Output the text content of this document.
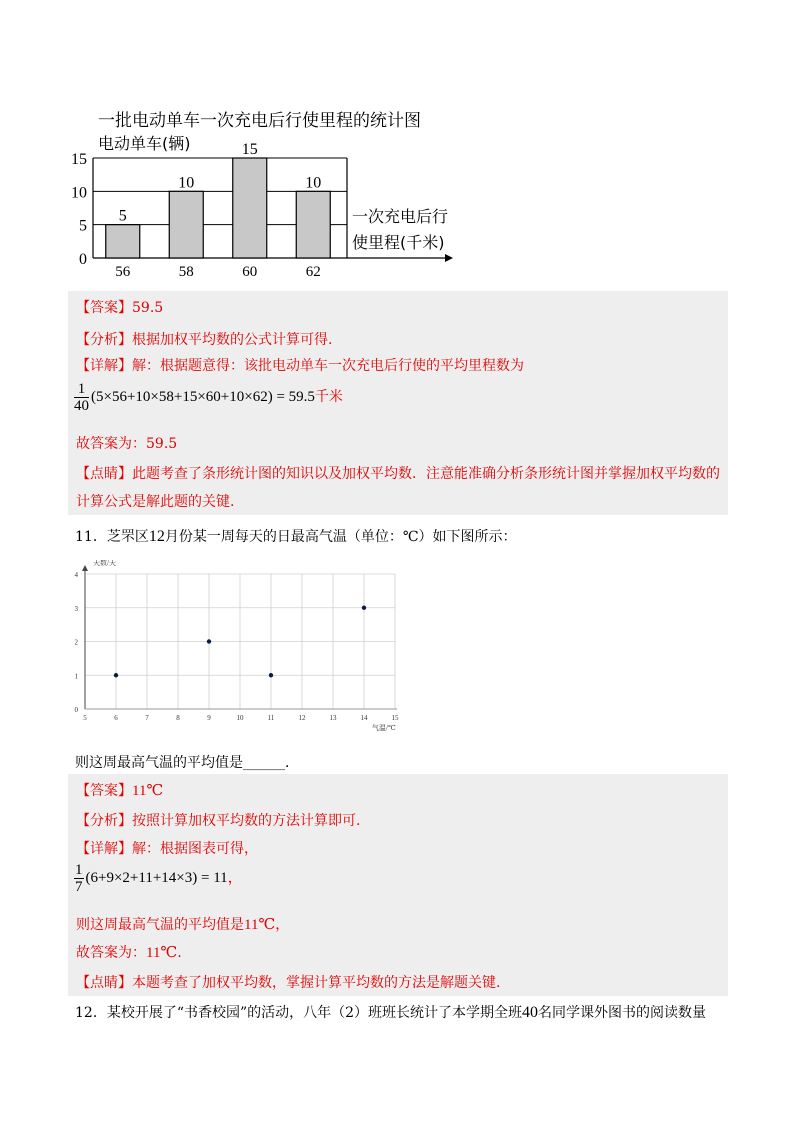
一批电动单车一次充电后行使里程的统计图
电动单车(辆)
一次充电后行
使里程(千米)
0
5
10
15
5
56
10
58
15
60
10
62
【答案】59.5
【分析】根据加权平均数的公式计算可得.
【详解】解：根据题意得：该批电动单车一次充电后行使的平均里程数为
$\frac{1}{40} (5\times 56+10\times 58+15\times 60+10\times 62) = 59.5$千米
故答案为：59.5
【点睛】此题考查了条形统计图的知识以及加权平均数．注意能准确分析条形统计图并掌握加权平均数的
计算公式是解此题的关键.
11．芝罘区12月份某一周每天的日最高气温（单位：℃）如下图所示：
5	6	7	8	9	10	11	12	13	14	15
0
1
2
3
4
天数/天
气温/℃
则这周最高气温的平均值是______．
【答案】11℃
【分析】按照计算加权平均数的方法计算即可.
【详解】解：根据图表可得，
$\frac{1}{7} (6+9\times 2+11+14\times 3) = 11$，
则这周最高气温的平均值是11℃，
故答案为：11℃.
【点睛】本题考查了加权平均数，掌握计算平均数的方法是解题关键.
12．某校开展了“书香校园”的活动，八年（2）班班长统计了本学期全班40名同学课外图书的阅读数量
